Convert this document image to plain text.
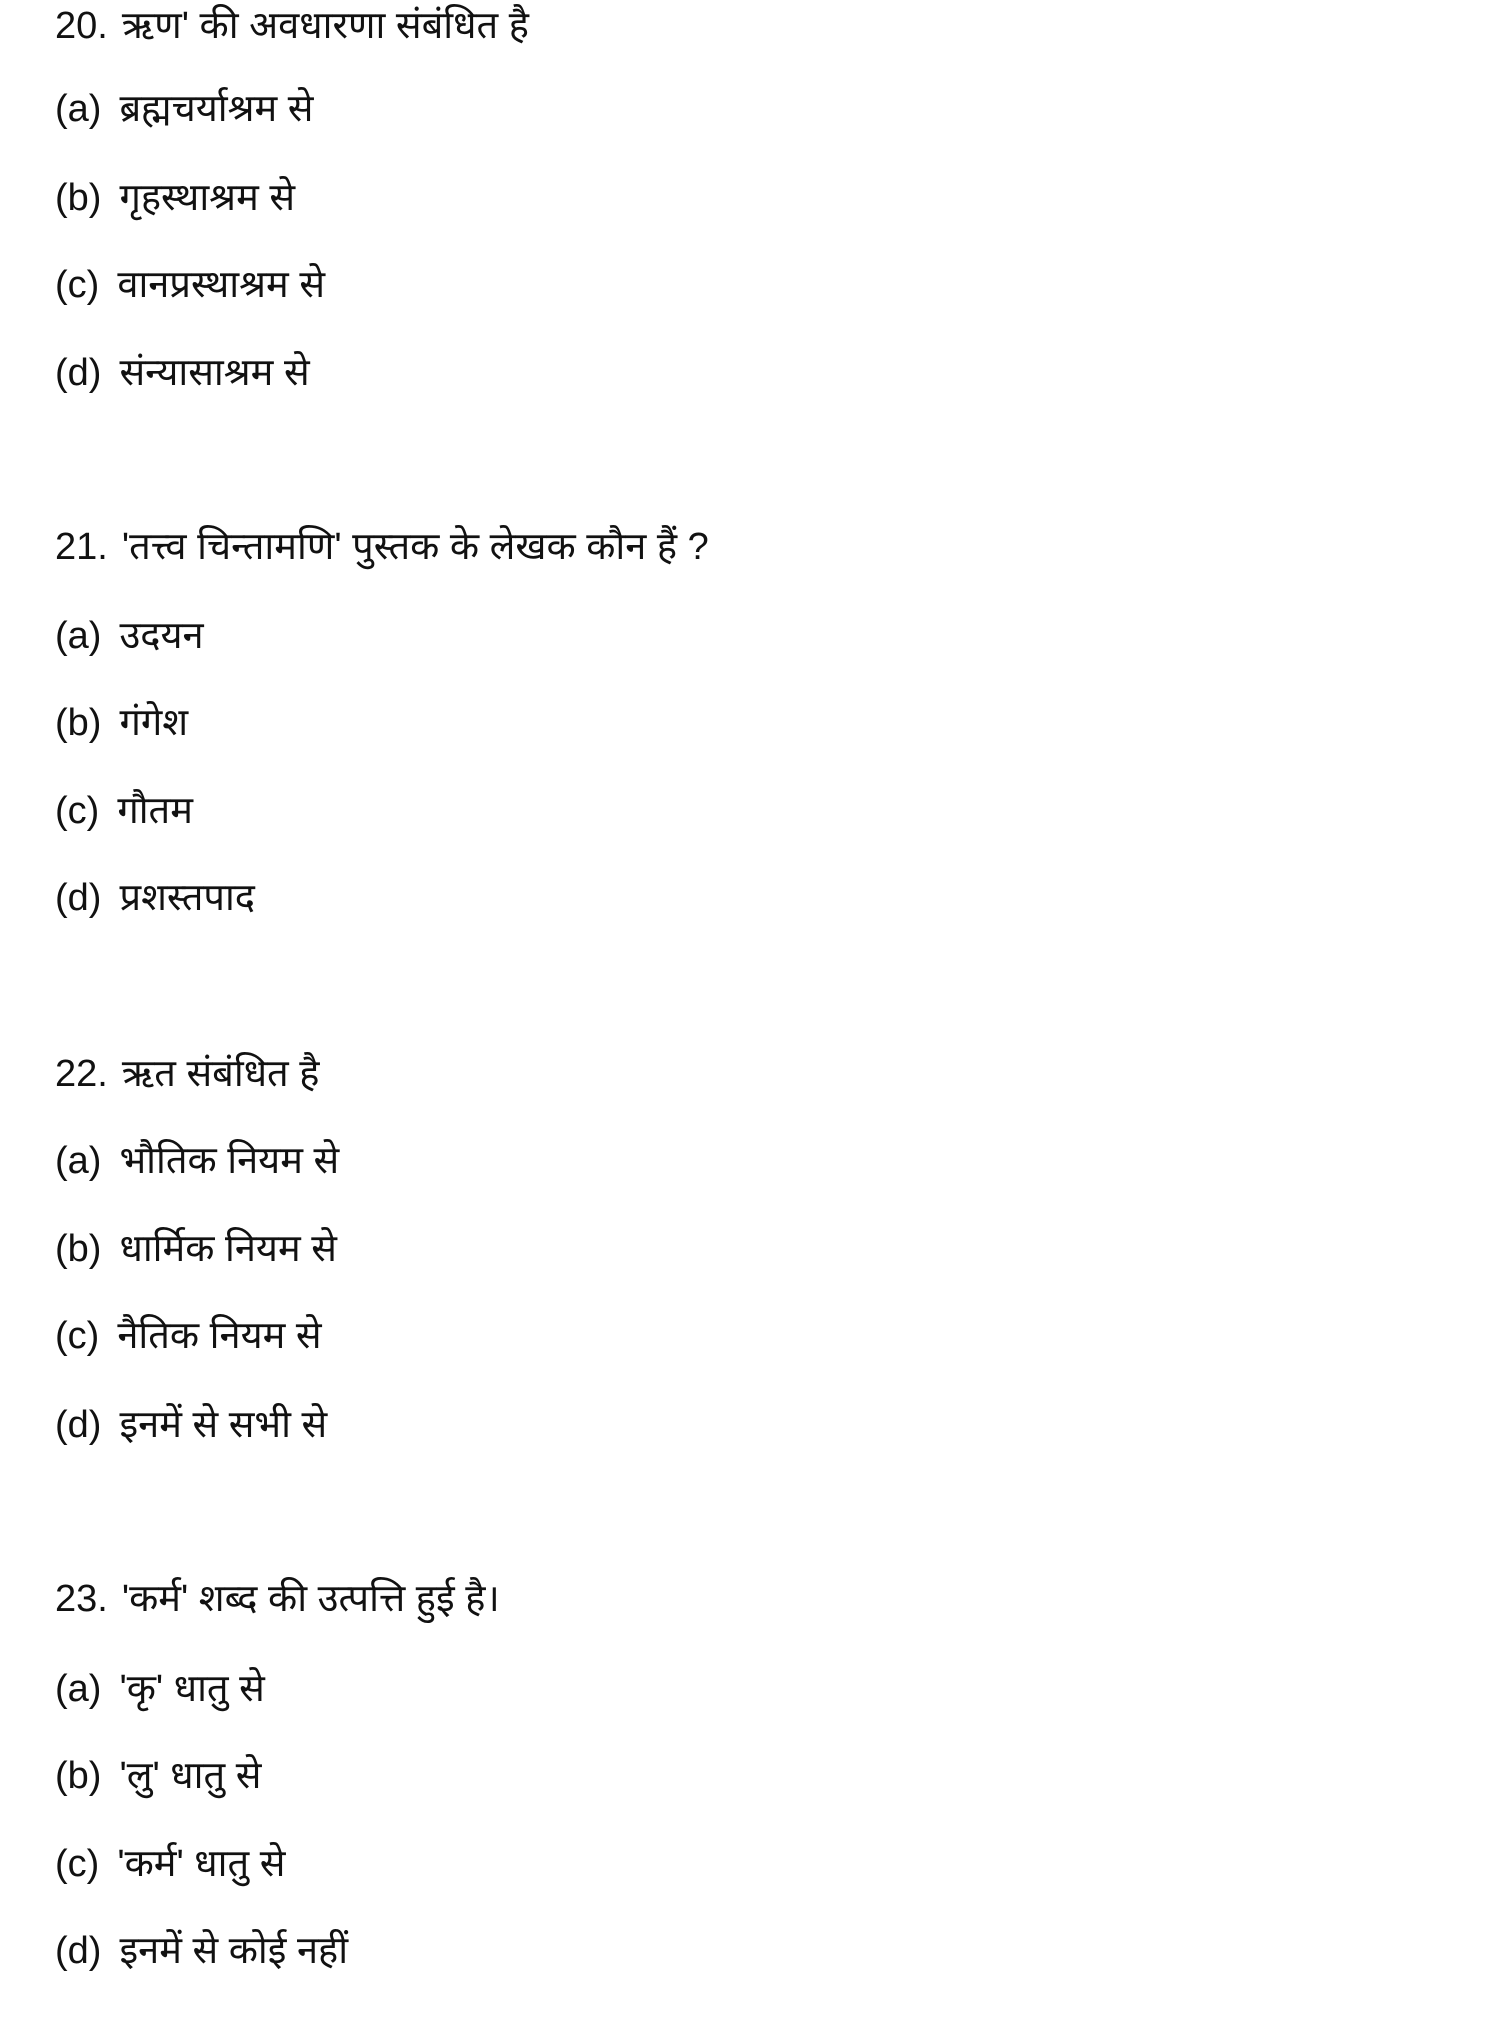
20. ऋण' की अवधारणा संबंधित है
(a) ब्रह्मचर्याश्रम से
(b) गृहस्थाश्रम से
(c) वानप्रस्थाश्रम से
(d) संन्यासाश्रम से
21. 'तत्त्व चिन्तामणि' पुस्तक के लेखक कौन हैं ?
(a) उदयन
(b) गंगेश
(c) गौतम
(d) प्रशस्तपाद
22. ऋत संबंधित है
(a) भौतिक नियम से
(b) धार्मिक नियम से
(c) नैतिक नियम से
(d) इनमें से सभी से
23. 'कर्म' शब्द की उत्पत्ति हुई है।
(a) 'कृ' धातु से
(b) 'लु' धातु से
(c) 'कर्म' धातु से
(d) इनमें से कोई नहीं
